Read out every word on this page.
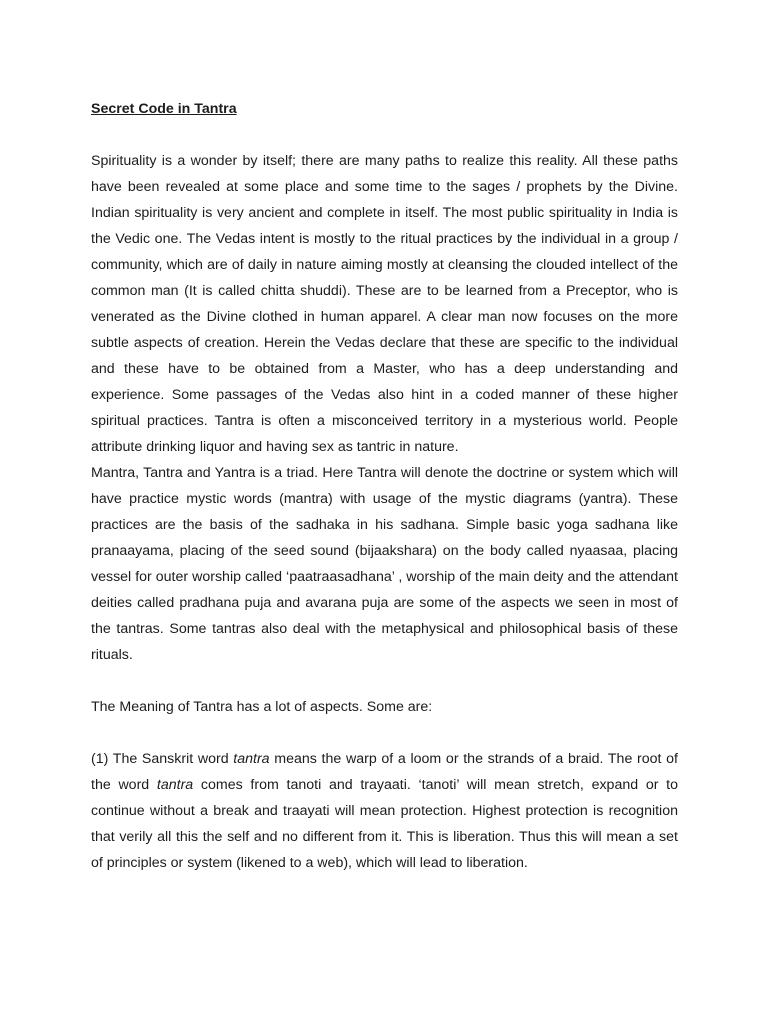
Secret Code in Tantra

Spirituality is a wonder by itself; there are many paths to realize this reality. All these paths have been revealed at some place and some time to the sages / prophets by the Divine. Indian spirituality is very ancient and complete in itself. The most public spirituality in India is the Vedic one. The Vedas intent is mostly to the ritual practices by the individual in a group / community, which are of daily in nature aiming mostly at cleansing the clouded intellect of the common man (It is called chitta shuddi). These are to be learned from a Preceptor, who is venerated as the Divine clothed in human apparel. A clear man now focuses on the more subtle aspects of creation. Herein the Vedas declare that these are specific to the individual and these have to be obtained from a Master, who has a deep understanding and experience. Some passages of the Vedas also hint in a coded manner of these higher spiritual practices. Tantra is often a misconceived territory in a mysterious world. People attribute drinking liquor and having sex as tantric in nature.

Mantra, Tantra and Yantra is a triad. Here Tantra will denote the doctrine or system which will have practice mystic words (mantra) with usage of the mystic diagrams (yantra). These practices are the basis of the sadhaka in his sadhana. Simple basic yoga sadhana like pranaayama, placing of the seed sound (bijaakshara) on the body called nyaasaa, placing vessel for outer worship called ‘paatraasadhana’ , worship of the main deity and the attendant deities called pradhana puja and avarana puja are some of the aspects we seen in most of the tantras. Some tantras also deal with the metaphysical and philosophical basis of these rituals.

The Meaning of Tantra has a lot of aspects. Some are:

(1) The Sanskrit word tantra means the warp of a loom or the strands of a braid. The root of the word tantra comes from tanoti and trayaati. ‘tanoti’ will mean stretch, expand or to continue without a break and traayati will mean protection. Highest protection is recognition that verily all this the self and no different from it. This is liberation. Thus this will mean a set of principles or system (likened to a web), which will lead to liberation.
